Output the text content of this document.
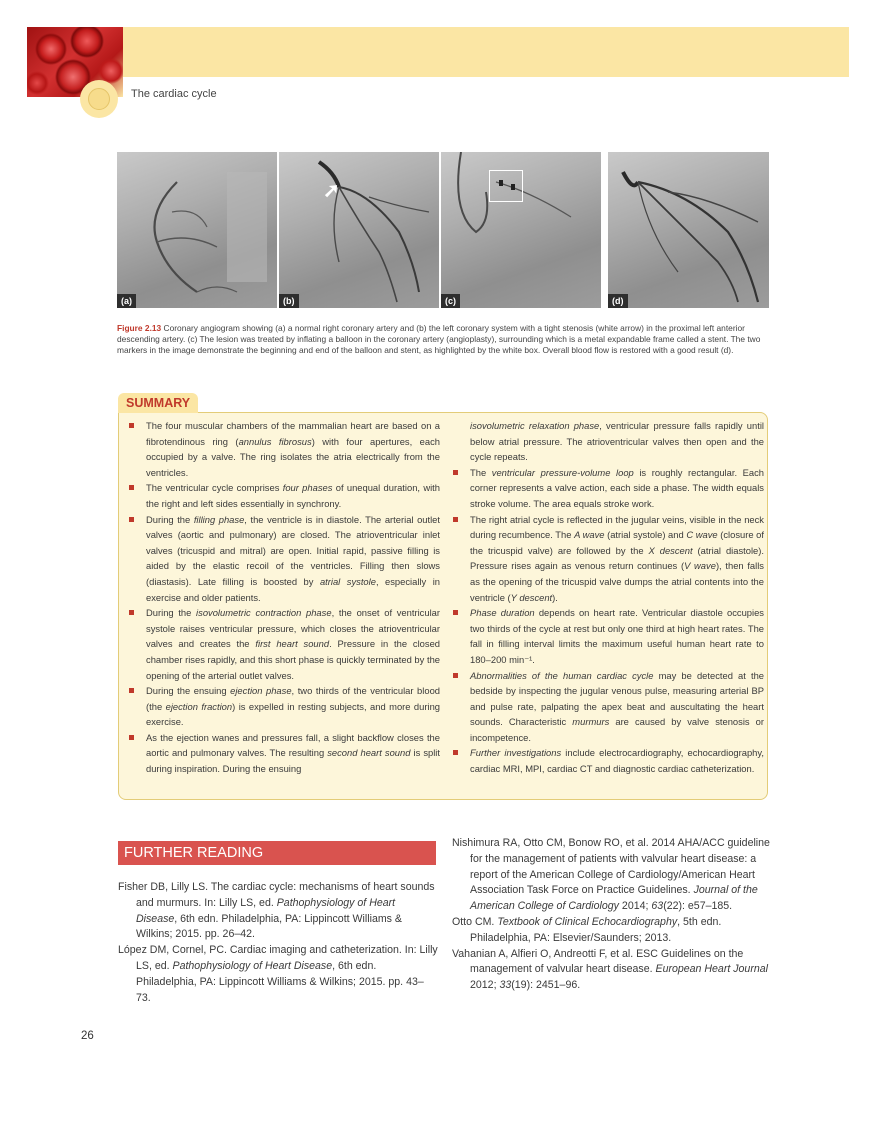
The cardiac cycle
(a)
➚
(b)	(c)	(d)

Figure 2.13 Coronary angiogram showing (a) a normal right coronary artery and (b) the left coronary system with a tight stenosis (white arrow) in the proximal left anterior descending artery. (c) The lesion was treated by inflating a balloon in the coronary artery (angioplasty), surrounding which is a metal expandable frame called a stent. The two markers in the image demonstrate the beginning and end of the balloon and stent, as highlighted by the white box. Overall blood flow is restored with a good result (d).

SUMMARY
The four muscular chambers of the mammalian heart are based on a fibrotendinous ring (annulus fibrosus) with four apertures, each occupied by a valve. The ring isolates the atria electrically from the ventricles.
The ventricular cycle comprises four phases of unequal duration, with the right and left sides essentially in synchrony.
During the filling phase, the ventricle is in diastole. The arterial outlet valves (aortic and pulmonary) are closed. The atrioventricular inlet valves (tricuspid and mitral) are open. Initial rapid, passive filling is aided by the elastic recoil of the ventricles. Filling then slows (diastasis). Late filling is boosted by atrial systole, especially in exercise and older patients.
During the isovolumetric contraction phase, the onset of ventricular systole raises ventricular pressure, which closes the atrioventricular valves and creates the first heart sound. Pressure in the closed chamber rises rapidly, and this short phase is quickly terminated by the opening of the arterial outlet valves.
During the ensuing ejection phase, two thirds of the ventricular blood (the ejection fraction) is expelled in resting subjects, and more during exercise.
As the ejection wanes and pressures fall, a slight backflow closes the aortic and pulmonary valves. The resulting second heart sound is split during inspiration. During the ensuing
isovolumetric relaxation phase, ventricular pressure falls rapidly until below atrial pressure. The atrioventricular valves then open and the cycle repeats.
The ventricular pressure-volume loop is roughly rectangular. Each corner represents a valve action, each side a phase. The width equals stroke volume. The area equals stroke work.
The right atrial cycle is reflected in the jugular veins, visible in the neck during recumbence. The A wave (atrial systole) and C wave (closure of the tricuspid valve) are followed by the X descent (atrial diastole). Pressure rises again as venous return continues (V wave), then falls as the opening of the tricuspid valve dumps the atrial contents into the ventricle (Y descent).
Phase duration depends on heart rate. Ventricular diastole occupies two thirds of the cycle at rest but only one third at high heart rates. The fall in filling interval limits the maximum useful human heart rate to 180–200 min⁻¹.
Abnormalities of the human cardiac cycle may be detected at the bedside by inspecting the jugular venous pulse, measuring arterial BP and pulse rate, palpating the apex beat and auscultating the heart sounds. Characteristic murmurs are caused by valve stenosis or incompetence.
Further investigations include electrocardiography, echocardiography, cardiac MRI, MPI, cardiac CT and diagnostic cardiac catheterization.
FURTHER READING
Fisher DB, Lilly LS. The cardiac cycle: mechanisms of heart sounds and murmurs. In: Lilly LS, ed. Pathophysiology of Heart Disease, 6th edn. Philadelphia, PA: Lippincott Williams & Wilkins; 2015. pp. 26–42.
López DM, Cornel, PC. Cardiac imaging and catheterization. In: Lilly LS, ed. Pathophysiology of Heart Disease, 6th edn. Philadelphia, PA: Lippincott Williams & Wilkins; 2015. pp. 43–73.
Nishimura RA, Otto CM, Bonow RO, et al. 2014 AHA/ACC guideline for the management of patients with valvular heart disease: a report of the American College of Cardiology/American Heart Association Task Force on Practice Guidelines. Journal of the American College of Cardiology 2014; 63(22): e57–185.
Otto CM. Textbook of Clinical Echocardiography, 5th edn. Philadelphia, PA: Elsevier/Saunders; 2013.
Vahanian A, Alfieri O, Andreotti F, et al. ESC Guidelines on the management of valvular heart disease. European Heart Journal 2012; 33(19): 2451–96.
26
